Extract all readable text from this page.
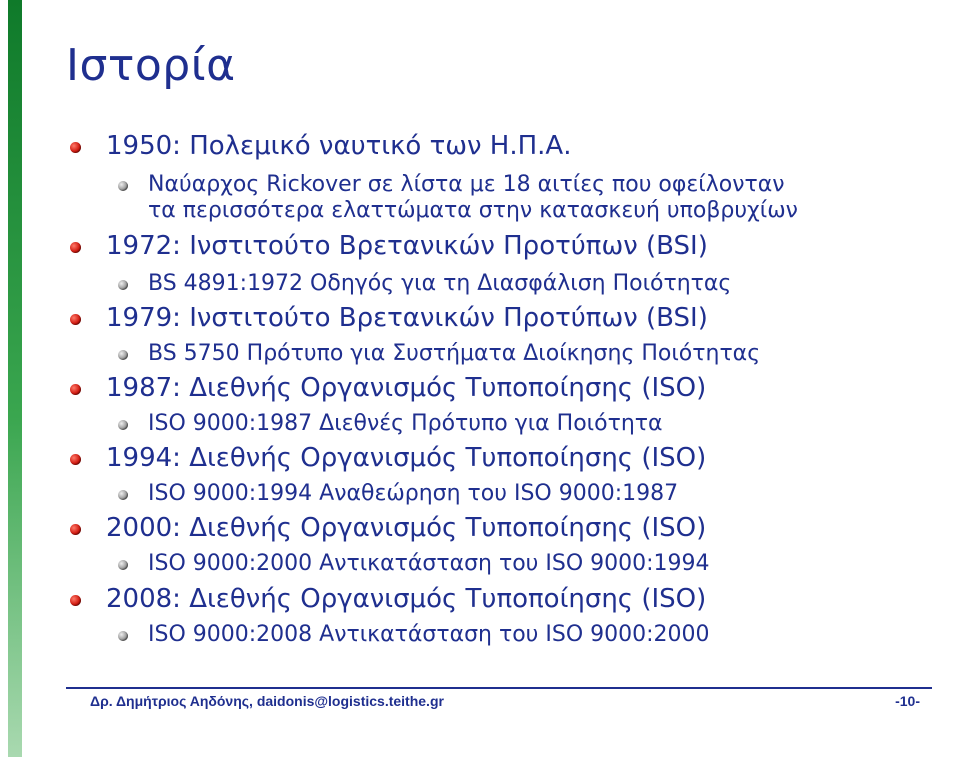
Ιστορία
1950: Πολεμικό ναυτικό των Η.Π.Α.
Ναύαρχος Rickover σε λίστα με 18 αιτίες που οφείλονταν
τα περισσότερα ελαττώματα στην κατασκευή υποβρυχίων
1972: Ινστιτούτο Βρετανικών Προτύπων (BSI)
BS 4891:1972 Οδηγός για τη Διασφάλιση Ποιότητας
1979: Ινστιτούτο Βρετανικών Προτύπων (BSI)
BS 5750 Πρότυπο για Συστήματα Διοίκησης Ποιότητας
1987: Διεθνής Οργανισμός Τυποποίησης (ISO)
ISO 9000:1987 Διεθνές Πρότυπο για Ποιότητα
1994: Διεθνής Οργανισμός Τυποποίησης (ISO)
ISO 9000:1994 Αναθεώρηση του ISO 9000:1987
2000: Διεθνής Οργανισμός Τυποποίησης (ISO)
ISO 9000:2000 Αντικατάσταση του ISO 9000:1994
2008: Διεθνής Οργανισμός Τυποποίησης (ISO)
ISO 9000:2008 Αντικατάσταση του ISO 9000:2000
Δρ. Δημήτριος Αηδόνης, daidonis@logistics.teithe.gr	-10-
